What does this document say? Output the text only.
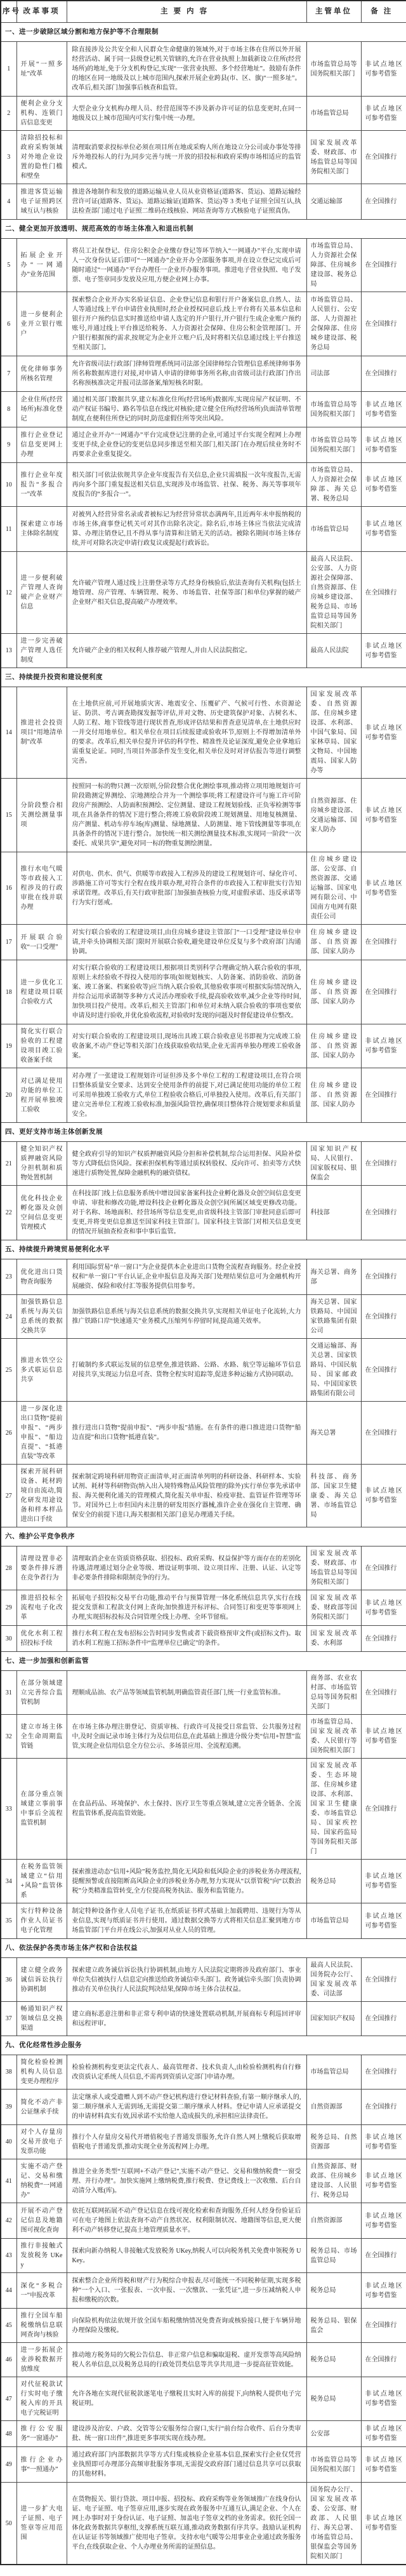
序号	改革事项	主要内容	主管单位	备注
一、进一步破除区域分割和地方保护等不合理限制				
1	开展“一照多址”改革	除直接涉及公共安全和人民群众生命健康的领域外,对于市场主体在住所以外开展经营活动、属于同一县级登记机关管辖的,允许在营业执照上加载新设立住所(经营场所)的地址,免于分支机构登记,实现“一张营业执照、多个经营地址”。鼓励有条件的地区在同一地级及以上城市范围内,探索开展企业跨县(市、区、旗)“一照多址”。改革后,相关部门加强事后核查和监管。	市场监管总局等国务院相关部门	非试点地区可参考借鉴
2	便利企业分支机构、连锁门店信息变更	大型企业分支机构办理人员、经营范围等不涉及新办许可证的信息变更时,在同一地级及以上城市范围内可实行集中统一办理。	市场监管总局	非试点地区可参考借鉴
3	清除招投标和政府采购领域对外地企业设置的隐性门槛和壁垒	清理取消要求投标单位必须在项目所在地或采购人所在地设立分公司或办事处等排斥外地投标人的行为,同步完善与统一开放的招投标和政府采购市场相适应的监管模式。	国家发展改革委、财政部、市场监管总局等国务院相关部门	在全国推行
4	推进客货运输电子证照跨区域互认与核验	推进各地制作和发放的道路运输从业人员从业资格证(道路客、货运)、道路运输经营许可证(道路客、货运)、道路运输证(道路客、货运)等 3 类电子证照全国互认,执法检查部门通过电子证照二维码在线核验、网站查询等方式核验电子证照真伪。	交通运输部	在全国推行
二、健全更加开放透明、规范高效的市场主体准入和退出机制				
5	拓展企业开办“一网通办”业务范围	将员工社保登记、住房公积金企业缴存登记等环节纳入“一网通办”平台,实现申请人一次身份认证后即可“一网通办”企业开办全部服务事项,并在设立登记完成后可随时通过“一网通办”平台办理任一企业开办服务事项。推进电子营业执照、电子发票、电子签章同步发放及应用,方便企业网上办事。	市场监管总局、人力资源社会保障部、住房城乡建设部、税务总局	在全国推行
6	进一步便利企业开立银行账户	探索整合企业开办实名验证信息、企业登记信息和银行开户备案信息,自然人、法人等通过线上平台申请营业执照时,经企业授权同意后,线上平台将有关基本信息和银行开户预约信息实时推送给申请人选定的开户银行,开户银行生成企业账户预约账号,并通过线上平台推送给税务、人力资源社会保障、住房公积金管理部门。开户银行根据预约需求,按规定为企业开立账户后,及时将相关信息通过线上平台推送至相关部门。	市场监管总局、人民银行、公安部、人力资源社会保障部、住房城乡建设部、税务总局	在全国推行
7	优化律师事务所核名管理	允许省级司法行政部门律师管理系统同司法部全国律师综合管理信息系统律师事务所名称数据库进行对接,对申请人申请的律师事务所名称,由省级司法行政部门作出名称预核准决定并报司法部备案,缩短核名时限。	司法部	在全国推行
8	企业住所(经营场所)标准化登记	通过相关部门数据共享,建立标准化住所(经营场所)数据库,实现房屋产权证明、不动产权证书编号、路名等信息在线比对核验;建立健全住所(经营场所)负面清单管理制度,在便利住所登记的同时,防范虚假住所等突出风险。	市场监管总局等国务院相关部门	非试点地区可参考借鉴
9	推行企业登记信息变更网上办理	通过企业开办“一网通办”平台完成登记注册的企业,可通过平台实现全程网上办理变更手续,企业登记的变更信息同步推送至相关部门,相关部门在办理后续业务时不再要求企业重复提交。	市场监管总局等国务院相关部门	非试点地区可参考借鉴
10	推行企业年度报告“多报合一”改革	相关部门可依法依规共享企业年度报告有关信息,企业只需填报一次年度报告,无需再向多个部门重复报送相关信息,实现涉及市场监管、社保、税务、海关等事项年度报告的“多报合一”。	市场监管总局、人力资源社会保障部、海关总署、税务总局	非试点地区可参考借鉴
11	探索建立市场主体除名制度	对被列入经营异常名录或者被标记为经营异常状态满两年,且近两年未申报纳税的市场主体,商事登记机关可对其作出除名决定。除名后,市场主体应当依法完成清算、办理注销登记,且不得从事与清算和注销无关的活动。被除名期间市场主体存续,并可对除名决定申请行政复议或提起行政诉讼。	市场监管总局	非试点地区可参考借鉴
12	进一步便利破产管理人查询破产企业财产信息	允许破产管理人通过线上注册登录等方式,经身份核验后,依法查询有关机构(包括土地管理、房产管理、车辆管理、税务、市场监管、社保等部门和单位)掌握的破产企业财产相关信息,提高破产办理效率。	最高人民法院、公安部、人力资源社会保障部、自然资源部、住房城乡建设部、税务总局、市场监管总局等国务院相关部门	在全国推行
13	进一步完善破产管理人选任制度	允许破产企业的相关权利人推荐破产管理人,并由人民法院指定。	最高人民法院	非试点地区可参考借鉴
三、持续提升投资和建设便利度				
14	推进社会投资项目“用地清单制”改革	在土地供应前,可开展地质灾害、地震安全、压覆矿产、气候可行性、水资源论证、防洪、考古调查勘探发掘等评估,并对文物、历史建筑保护对象、古树名木、人防工程、地下管线等进行现状普查,形成评估结果和普查意见清单,在土地供应时一并交付用地单位。相关单位在项目后续报建或验收环节,原则上不得增加清单外的要求。改革后,相关单位提升评估的科学性、精准性及论证深度,避免企业拿地后需重复论证。同时,当项目外部条件发生变化,相关单位及时对评估报告等进行调整完善。	国家发展改革委、自然资源部、住房城乡建设部、水利部、中国气象局、国家林草局、国家文物局、中国地震局、国家人防办等	非试点地区可参考借鉴
15	分阶段整合相关测绘测量事项	按照同一标的物只测一次原则,分阶段整合优化测绘事项,推动将立项用地规划许可阶段勘测定界测绘、宗地测绘合并为一个测绘事项;将工程建设许可与施工许可阶段房产预测绘、人防面积预测绘、定位测量、建设工程规划验线、正负零检测等事项,在具备条件的情况下进行整合;将竣工验收阶段竣工规划测量、用地复核测量、房产测量、机动车停车场(库)测量、绿地测量、人防测量、地下管线测量等事项,在具备条件的情况下进行整合。加快统一相关测绘测量技术标准,实现同一阶段“一次委托、成果共享”,避免对同一标的物重复测绘测量。	自然资源部、住房城乡建设部、交通运输部、国家人防办	非试点地区可参考借鉴
16	推行水电气暖等市政接入工程涉及的行政审批在线并联办理	对供电、供水、供气、供暖等市政接入工程涉及的建设工程规划许可、绿化许可、涉路施工许可等实行全程在线并联办理,对符合条件的市政接入工程审批实行告知承诺管理。改革后,有关行政审批部门加强抽查核验力度,对虚假承诺、违反承诺等行为实行惩戒。	住房城乡建设部、公安部、自然资源部、交通运输部、国家电网有限公司、中国南方电网有限责任公司	非试点地区可参考借鉴
17	开展联合验收“一口受理”	对实行联合验收的工程建设项目,由住房城乡建设主管部门“一口受理”建设单位申请,并牵头协调相关部门限时开展联合验收,避免建设单位反复与多个政府部门沟通协调。	住房城乡建设部、自然资源部、国家人防办	在全国推行
18	进一步优化工程建设项目联合验收方式	对实行联合验收的工程建设项目,根据项目类别科学合理确定纳入联合验收的事项,原则上未经验收不得投入使用的事项(如规划核实、人防备案、消防验收、消防备案、竣工备案、档案验收等)应当纳入联合验收,其他验收事项可根据实际情况纳入,并综合运用承诺制等多种方式灵活办理验收手续,提高验收效率,减少企业等待时间,加快项目投产使用。改革后,相关主管部门和单位对未纳入联合验收的事项也要依申请及时进行验收,并优化验收流程,对验收时发现的问题及时督促建设单位整改。	住房城乡建设部、自然资源部、国家人防办	在全国推行
19	简化实行联合验收的工程建设项目竣工验收备案手续	对实行联合验收的工程建设项目,现场出具竣工联合验收意见书即视为完成竣工验收备案,不动产登记等相关部门在线获取验收结果,企业无需再单独办理竣工验收备案。	住房城乡建设部、自然资源部、国家人防办	非试点地区可参考借鉴
20	对已满足使用功能的单位工程开展单独竣工验收	对办理了一张建设工程规划许可证但涉及多个单位工程的工程建设项目,在符合项目整体质量安全要求、达到安全使用条件的前提下,对已满足使用功能的单位工程可采用单独竣工验收方式,单位工程验收合格后,可单独投入使用。改革后,有关部门建立完善单位工程竣工验收标准,加强风险管控,确保项目整体符合规划要求和质量安全。	住房城乡建设部、自然资源部、国家人防办	在全国推行
四、更好支持市场主体创新发展				
21	健全知识产权质押融资风险分担机制和质物处置机制	健全政府引导的知识产权质押融资风险分担和补偿机制,综合运用担保、风险补偿等方式降低信贷风险。探索担保机构等通过质权转股权、反向许可、拍卖等方式快速进行质物处置,保障金融机构的融资债权。	国家知识产权局、人民银行、国家版权局、银保监会	在全国推行
22	优化科技企业孵化器及众创空间信息变更管理模式	在科技部门线上信息服务系统中增设国家备案科技企业孵化器及众创空间信息变更申请、审批和修改功能,增设科技企业孵化器及众创空间所属区域变更修改功能。对于名称、场地面积、经营场所等信息变更,由省级科技主管部门审批同意后即可变更,并将变更信息推送至国家科技主管部门。国家科技主管部门对相关信息变更的情况开展抽查检查和事中事后监管。	科技部	在全国推行
五、持续提升跨境贸易便利化水平				
23	优化进出口货物查询服务	利用国际贸易“单一窗口”为企业提供本企业进出口货物全流程查询服务。经企业授权和“单一窗口”平台认证,企业申报信息及海关部门处理结果信息可为金融机构开展融资、保险和收付汇等服务提供信用参考。	海关总署、商务部	在全国推行
24	加强铁路信息系统与海关信息系统的数据交换共享	加强铁路信息系统与海关信息系统的数据交换共享,实现相关单证电子化流转,大力推广铁路口岸“快速通关”业务模式,压缩列车停留时间,提高通关效率。	海关总署、国家铁路局、中国国家铁路集团有限公司	在全国推行
25	推进水铁空公多式联运信息共享	打破制约多式联运发展的信息壁垒,推进铁路、公路、水路、航空等运输环节信息对接共享,实现运力信息可查、货物全程实时追踪等,促进多种运输方式协同联动。	交通运输部、海关总署、国家铁路局、中国民航局、国家邮政局、中国国家铁路集团有限公司	在全国推行
26	进一步深化进出口货物“提前申报”、“两步申报”、“船边直提”、“抵港直装”等改革	推行进出口货物“提前申报”、“两步申报”措施。在有条件的港口推进进口货物“船边直提”和出口货物“抵港直装”。	海关总署	在全国推行
27	探索开展科研设备、耗材跨境自由流动,简化研发用途设备和样本样品进出口手续	探索制定跨境科研用物资正面清单,对正面清单列明的科研设备、科研样本、实验试剂、耗材等科研物资(纳入出入境特殊物品风险管理的除外)实行单位事先承诺申报、海关便利化通关的管理模式,简化报关单申报、检疫审批、监管证件管理等环节。对国外已上市但国内未注册的研发用医疗器械,准许企业在强化自主管理、确保安全的前提下进口,海关根据相关部门意见办理通关手续。	科技部、商务部、国家卫生健康委、海关总署、市场监管总局	非试点地区可参考借鉴
六、维护公平竞争秩序				
28	清理设置非必要条件排斥潜在竞争者行为	清理取消企业在资质资格获取、招投标、政府采购、权益保护等方面存在的差别化待遇,清理通过划分企业等级、增设证明事项、设立项目库、注册、认证、认定等非必要条件排除和限制竞争的行为。	国家发展改革委、财政部、市场监管总局等国务院相关部门	在全国推行
29	推进招投标全流程电子化改革	拓展电子招投标交易平台功能,推动平台与预算管理一体化系统信息共享,实行在线提交发票和工程款支付网上查询;加快推进开标评标、合同签订和变更等事项网上办理,实现招标投标及合同管理全线上办理、全环节留痕。	国家发展改革委、财政部等国务院相关部门	非试点地区可参考借鉴
30	优化水利工程招投标手续	推行水利工程在发布招标公告时同步发售或者下载资格预审文件(或招标文件)。取消水利工程施工招标条件中“监理单位已确定”的条件。	国家发展改革委、水利部	在全国推行
七、进一步加强和创新监管				
31	在部分领域建立完善综合监管机制	理顺成品油、农产品等领域监管机制,明确监管责任部门,统一行业监管标准。	商务部、农业农村部、市场监管总局等国务院相关部门	在全国推行
32	建立市场主体全生命周期监管链	在市场主体办理注册登记、资质审核、行政许可及接受日常监管、公共服务过程中,及时全面记录市场主体行为及信用信息,在此基础上推进分级分类“信用+智慧”监管,实现企业信用信息全方位公示、多场景应用、全流程追溯。	市场监管总局、国家发展改革委、人民银行等国务院相关部门	非试点地区可参考借鉴
33	在部分重点领域建立事前事中事后全流程监管机制	在食品药品、环境保护、水土保持、医疗卫生等重点领域,建立完善全链条、全流程监管体系,提高监管效能。	国家发展改革委、生态环境部、住房城乡建设部、水利部、国家卫生健康委、市场监管总局、国家疾控局、国家药监局等国务院相关部门	在全国推行
34	在税务监管领域建立“信用+风险”监管体系	探索推进动态“信用+风险”税务监控,简化无风险和低风险企业的涉税业务办理流程,提醒预警或直接阻断高风险企业的涉税业务办理,努力实现从“以票管税”向“以数治税”分类精准监管转变,全方位提高税务执法、服务和监管能力。	税务总局	非试点地区可参考借鉴
35	实行特种设备作业人员证书电子化管理	制定特种设备作业人员电子证书,在纸质证书样式基础上加载聘用、违规行为等从业信息,实现与纸质证书并行使用。通过数据交换等方式将相关信息汇聚到地方市场监管部门平台并在线公示,加强对从业人员的管理。	市场监管总局	非试点地区可参考借鉴
八、依法保护各类市场主体产权和合法权益				
36	建立健全政务诚信诉讼执行协调机制	探索建立政务诚信诉讼执行协调机制,由地方人民法院定期将涉及政府部门、事业单位失信被执行人信息定向推送给政务诚信牵头部门。政务诚信牵头部门负责协调推动有关单位执行人民法院判决结果,保障市场主体合法权益。	最高人民法院、国务院办公厅、国家发展改革委、司法部	在全国推行
37	畅通知识产权领域信息交换渠道	建立商标恶意注册和非正常专利申请的快速处置联动机制,开展商标专利巡回评审和远程评审。	国家知识产权局	在全国推行
九、优化经常性涉企服务				
38	简化检验检测机构人员信息变更办理程序	检验检测机构变更法定代表人、最高管理者、技术负责人,由检验检测机构自行修改资质认定系统人员信息,不需再到资质认定部门申请办理。	市场监管总局	在全国推行
39	简化不动产非公证继承手续	法定继承人或受遗赠人到不动产登记机构进行登记材料查验,有第一顺序继承人的,第二顺序继承人无需到场,无需提交第二顺序继承人材料。登记申请人应承诺提交的申请材料真实有效,因承诺不实给他人造成损失的,承担相应法律责任。	自然资源部	在全国推行
40	对个人存量房交易开放电子发票功能	推行个人存量房交易代开增值税电子普通发票服务,允许自然人网上缴税后获取增值税电子普通发票,推动实现全业务流程网上办理。	税务总局、自然资源部	非试点地区可参考借鉴
41	实施不动产登记、交易和缴纳税费“一网通办”	推进全业务类型“互联网+不动产登记”,实施不动产登记、交易和缴纳税费“一窗受理、并行办理”。加快实施网上缴纳税费,推行税费、登记费线上一次收缴、后台自动清分入账(库)。	自然资源部、财政部、住房城乡建设部、人民银行、税务总局	非试点地区可参考借鉴
42	开展不动产登记信息及地籍图可视化查询	依托互联网拓展不动产登记信息在线可视化检索和查询服务,任何人经身份验证后可在电子地图上依法查询不动产自然状况、权利限制状况、地籍图等信息,更大便利不动产转移登记,提高土地管理质量水平。	自然资源部	非试点地区可参考借鉴
43	推行非接触式发放税务 UKey	探索向新办纳税人非接触式发放税务 UKey,纳税人可以向税务机关免费申领税务 UKey。	税务总局、市场监管总局	在全国推行
44	深化“多税合一”申报改革	探索整合企业所得税和财产行为税综合申报表,尽可能统一不同税种征期,实现多税种“一个入口、一张报表、一次申报、一次缴款、一张凭证”,进一步压减纳税人申报和缴税的次数。	税务总局	非试点地区可参考借鉴
45	推行全国车船税缴纳信息联网查询与核验	向保险机构依法依规开放全国车船税缴纳情况免费查询或核验接口,便于车辆异地办理保险及缴税。	税务总局、银保监会	在全国推行
46	进一步拓展企业涉税数据开放维度	推动地方税务局的欠税公告信息、非正常户信息和骗取退税、虚开发票等高风险纳税人名单信息,以及税务总局的行政处罚类信息等共享共用,进一步提高征管效能。	税务总局	在全国推行
47	对代征税款试行实时电子缴税入库的开具电子完税证明	允许各地在实现代征税款逐笔电子缴税且实时入库的前提下,向纳税人提供电子完税证明。	税务总局	非试点地区可参考借鉴
48	推行公安服务“一窗通办”	建设涉及治安、户政、交管等公安服务综合窗口,实行“前台综合收件、后台分类审批、统一窗口出件”,推进更多事项实现在线办理。	公安部	非试点地区可参考借鉴
49	推行企业办事“一照通办”	通过政府部门内部数据共享等方式归集或核验企业基本信息,探索实行企业仅凭营业执照即可办理部分高频审批服务事项,无需提交政府部门通过信息共享可以获取的其他材料。	市场监管总局等国务院相关部门	非试点地区可参考借鉴
50	进一步扩大电子证照、电子签章等应用范围	在货物报关、银行贷款、项目申报、招投标、政府采购等业务领域推广在线身份认证、电子证照、电子签章应用,逐步实现在政务服务中互通互认,满足企业、个人在网上办事时对于身份认证、电子证照、加盖电子签章文档的业务需求。依托全国一体化政务数据共享枢纽,支撑系统互联互通,推动政务数据有序共享。鼓励认证机构在认证证书等领域推广使用电子签章。支持水电气暖等公用事业企业通过政务服务平台,在线获取企业、个人办理业务所需的证照信息。	国务院办公厅、国家发展改革委、公安部、财政部、人民银行、海关总署、市场监管总局、银保监会等国务院相关部门	非试点地区可参考借鉴
